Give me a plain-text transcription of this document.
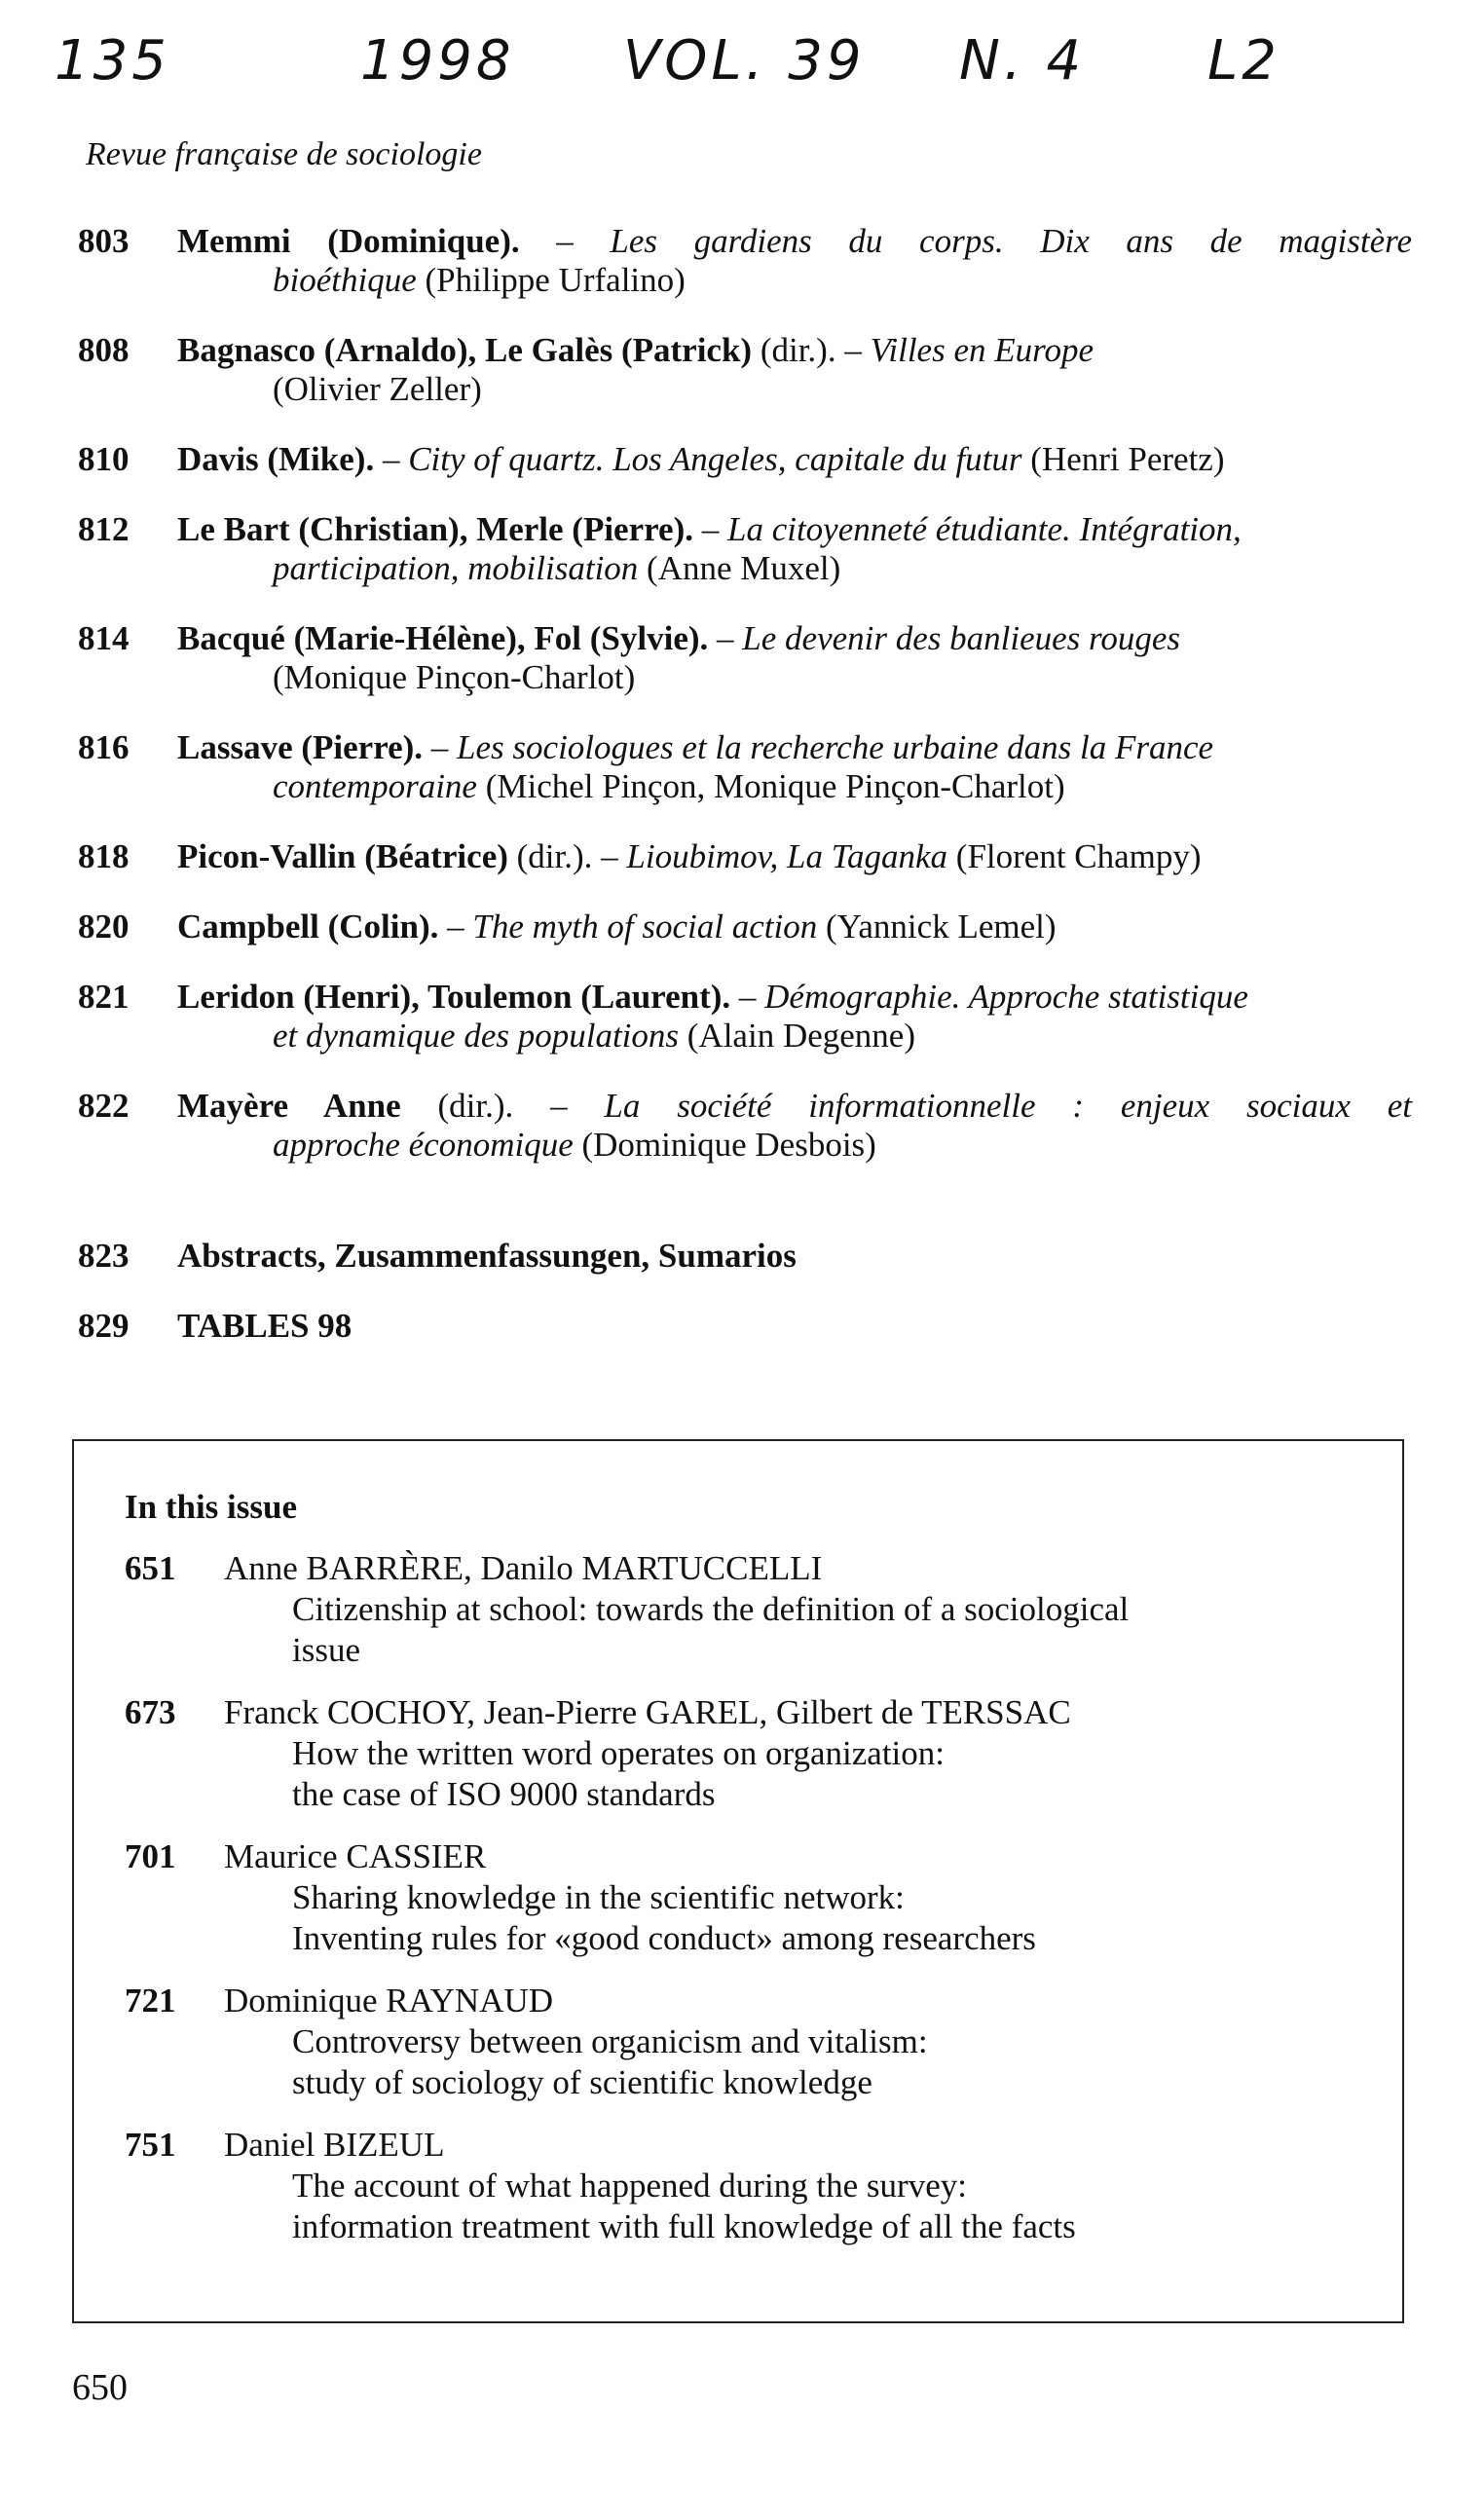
135	1998 VOL. 39 N. 4 L2
Revue française de sociologie
803	Memmi (Dominique). – Les gardiens du corps. Dix ans de magistère
bioéthique (Philippe Urfalino)
808	Bagnasco (Arnaldo), Le Galès (Patrick) (dir.). – Villes en Europe
(Olivier Zeller)
810	Davis (Mike). – City of quartz. Los Angeles, capitale du futur (Henri Peretz)
812	Le Bart (Christian), Merle (Pierre). – La citoyenneté étudiante. Intégration,
participation, mobilisation (Anne Muxel)
814	Bacqué (Marie-Hélène), Fol (Sylvie). – Le devenir des banlieues rouges
(Monique Pinçon-Charlot)
816	Lassave (Pierre). – Les sociologues et la recherche urbaine dans la France
contemporaine (Michel Pinçon, Monique Pinçon-Charlot)
818	Picon-Vallin (Béatrice) (dir.). – Lioubimov, La Taganka (Florent Champy)
820	Campbell (Colin). – The myth of social action (Yannick Lemel)
821	Leridon (Henri), Toulemon (Laurent). – Démographie. Approche statistique
et dynamique des populations (Alain Degenne)
822	Mayère Anne (dir.). – La société informationnelle : enjeux sociaux et
approche économique (Dominique Desbois)
823	Abstracts, Zusammenfassungen, Sumarios
829	TABLES 98
In this issue
651	Anne BARRÈRE, Danilo MARTUCCELLI
Citizenship at school: towards the definition of a sociological
issue
673	Franck COCHOY, Jean-Pierre GAREL, Gilbert de TERSSAC
How the written word operates on organization:
the case of ISO 9000 standards
701	Maurice CASSIER
Sharing knowledge in the scientific network:
Inventing rules for «good conduct» among researchers
721	Dominique RAYNAUD
Controversy between organicism and vitalism:
study of sociology of scientific knowledge
751	Daniel BIZEUL
The account of what happened during the survey:
information treatment with full knowledge of all the facts
650
